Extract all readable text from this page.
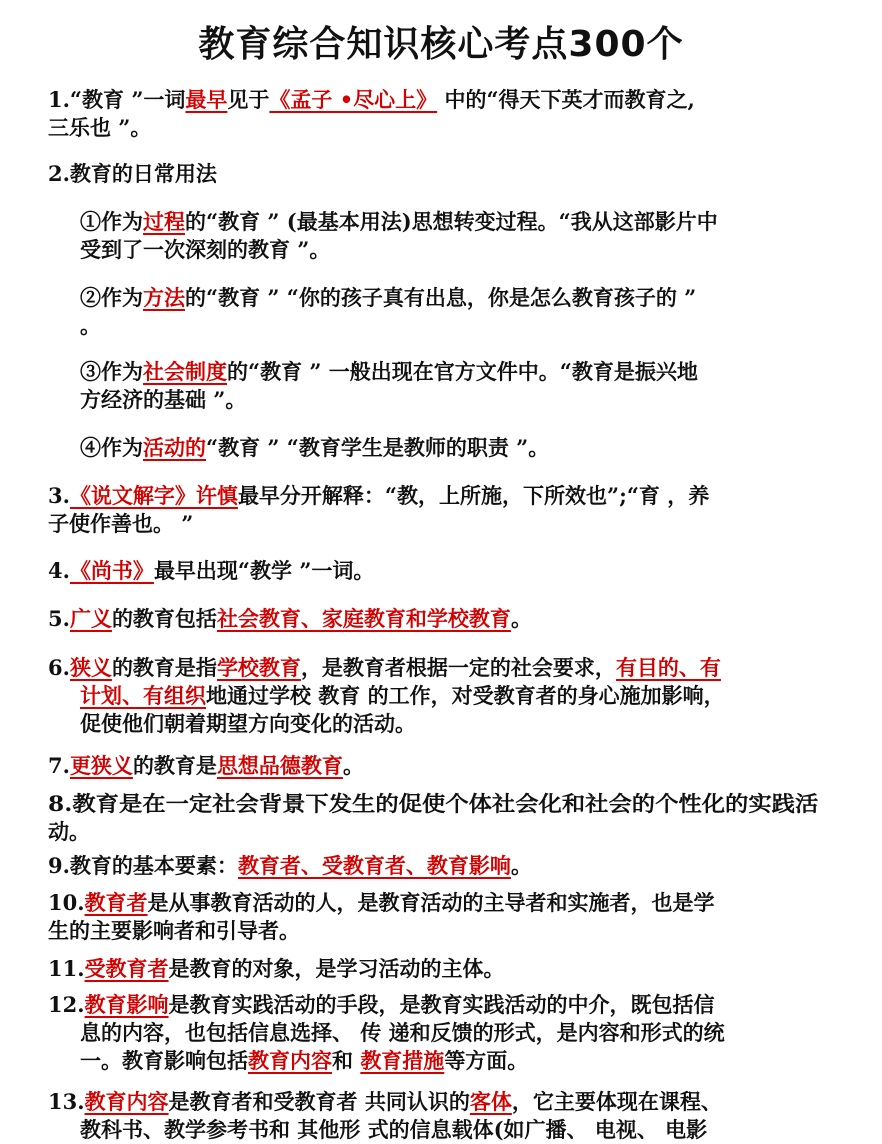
教育综合知识核心考点300个
1.“教育 ”一词最早见于《孟子 •尽心上》 中的“得天下英才而教育之,
三乐也 ”。
2.教育的日常用法
①作为过程的“教育 ” (最基本用法)思想转变过程。“我从这部影片中
受到了一次深刻的教育 ”。
②作为方法的“教育 ” “你的孩子真有出息，你是怎么教育孩子的 ”
。
③作为社会制度的“教育 ” 一般出现在官方文件中。“教育是振兴地
方经济的基础 ”。
④作为活动的“教育 ” “教育学生是教师的职责 ”。
3.《说文解字》许慎最早分开解释：“教，上所施，下所效也”;“育 ，养
子使作善也。 ”
4.《尚书》最早出现“教学 ”一词。
5.广义的教育包括社会教育、家庭教育和学校教育。
6.狭义的教育是指学校教育，是教育者根据一定的社会要求，有目的、有
计划、有组织地通过学校 教育 的工作，对受教育者的身心施加影响，
促使他们朝着期望方向变化的活动。
7.更狭义的教育是思想品德教育。
8.教育是在一定社会背景下发生的促使个体社会化和社会的个性化的实践活
动。
9.教育的基本要素：教育者、受教育者、教育影响。
10.教育者是从事教育活动的人，是教育活动的主导者和实施者，也是学
生的主要影响者和引导者。
11.受教育者是教育的对象，是学习活动的主体。
12.教育影响是教育实践活动的手段，是教育实践活动的中介，既包括信
息的内容，也包括信息选择、 传 递和反馈的形式，是内容和形式的统
一。教育影响包括教育内容和 教育措施等方面。
13.教育内容是教育者和受教育者 共同认识的客体，它主要体现在课程、
教科书、教学参考书和 其他形 式的信息载体(如广播、 电视、 电影
